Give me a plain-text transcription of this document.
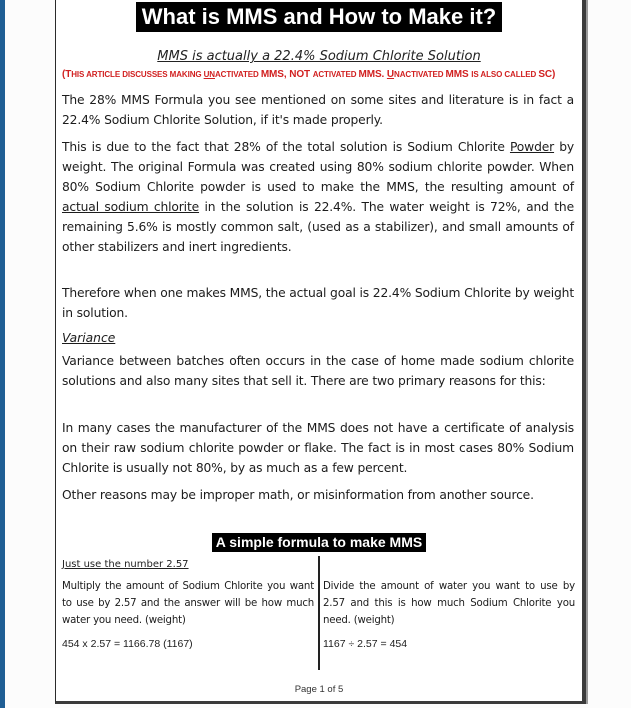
What is MMS and How to Make it?
MMS is actually a 22.4% Sodium Chlorite Solution
(THIS ARTICLE DISCUSSES MAKING UNACTIVATED MMS, NOT ACTIVATED MMS. UNACTIVATED MMS IS ALSO CALLED SC)
The 28% MMS Formula you see mentioned on some sites and literature is in fact a 22.4% Sodium Chlorite Solution, if it's made properly.
This is due to the fact that 28% of the total solution is Sodium Chlorite Powder by weight. The original Formula was created using 80% sodium chlorite powder. When 80% Sodium Chlorite powder is used to make the MMS, the resulting amount of actual sodium chlorite in the solution is 22.4%. The water weight is 72%, and the remaining 5.6% is mostly common salt, (used as a stabilizer), and small amounts of other stabilizers and inert ingredients.
Therefore when one makes MMS, the actual goal is 22.4% Sodium Chlorite by weight in solution.
Variance
Variance between batches often occurs in the case of home made sodium chlorite solutions and also many sites that sell it. There are two primary reasons for this:
In many cases the manufacturer of the MMS does not have a certificate of analysis on their raw sodium chlorite powder or flake. The fact is in most cases 80% Sodium Chlorite is usually not 80%, by as much as a few percent.
Other reasons may be improper math, or misinformation from another source.
A simple formula to make MMS
Just use the number 2.57
Multiply the amount of Sodium Chlorite you want to use by 2.57 and the answer will be how much water you need. (weight)
Divide the amount of water you want to use by 2.57 and this is how much Sodium Chlorite you need. (weight)
454 x 2.57 = 1166.78 (1167)	1167 ÷ 2.57 = 454
Page 1 of 5
